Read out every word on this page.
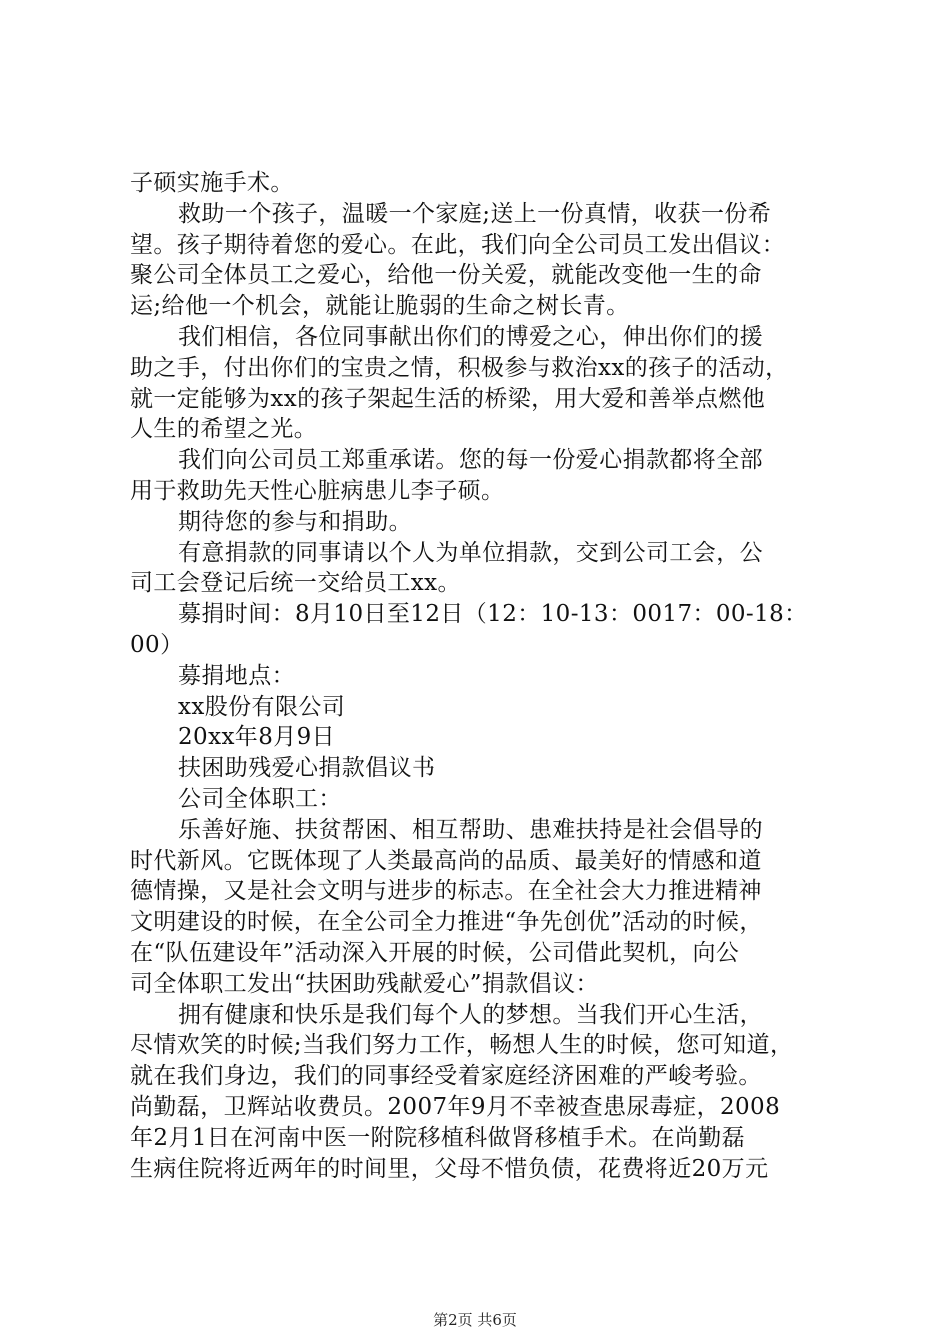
子硕实施手术。
救助一个孩子，温暖一个家庭;送上一份真情，收获一份希
望。孩子期待着您的爱心。在此，我们向全公司员工发出倡议：
聚公司全体员工之爱心，给他一份关爱，就能改变他一生的命
运;给他一个机会，就能让脆弱的生命之树长青。
我们相信，各位同事献出你们的博爱之心，伸出你们的援
助之手，付出你们的宝贵之情，积极参与救治xx的孩子的活动，
就一定能够为xx的孩子架起生活的桥梁，用大爱和善举点燃他
人生的希望之光。
我们向公司员工郑重承诺。您的每一份爱心捐款都将全部
用于救助先天性心脏病患儿李子硕。
期待您的参与和捐助。
有意捐款的同事请以个人为单位捐款，交到公司工会，公
司工会登记后统一交给员工xx。
募捐时间：8月10日至12日（12：10-13：0017：00-18：
00）
募捐地点：
xx股份有限公司
20xx年8月9日
扶困助残爱心捐款倡议书
公司全体职工：
乐善好施、扶贫帮困、相互帮助、患难扶持是社会倡导的
时代新风。它既体现了人类最高尚的品质、最美好的情感和道
德情操，又是社会文明与进步的标志。在全社会大力推进精神
文明建设的时候，在全公司全力推进“争先创优”活动的时候，
在“队伍建设年”活动深入开展的时候，公司借此契机，向公
司全体职工发出“扶困助残献爱心”捐款倡议：
拥有健康和快乐是我们每个人的梦想。当我们开心生活，
尽情欢笑的时候;当我们努力工作，畅想人生的时候，您可知道，
就在我们身边，我们的同事经受着家庭经济困难的严峻考验。
尚勤磊，卫辉站收费员。2007年9月不幸被查患尿毒症，2008
年2月1日在河南中医一附院移植科做肾移植手术。在尚勤磊
生病住院将近两年的时间里，父母不惜负债，花费将近20万元
第2页 共6页
